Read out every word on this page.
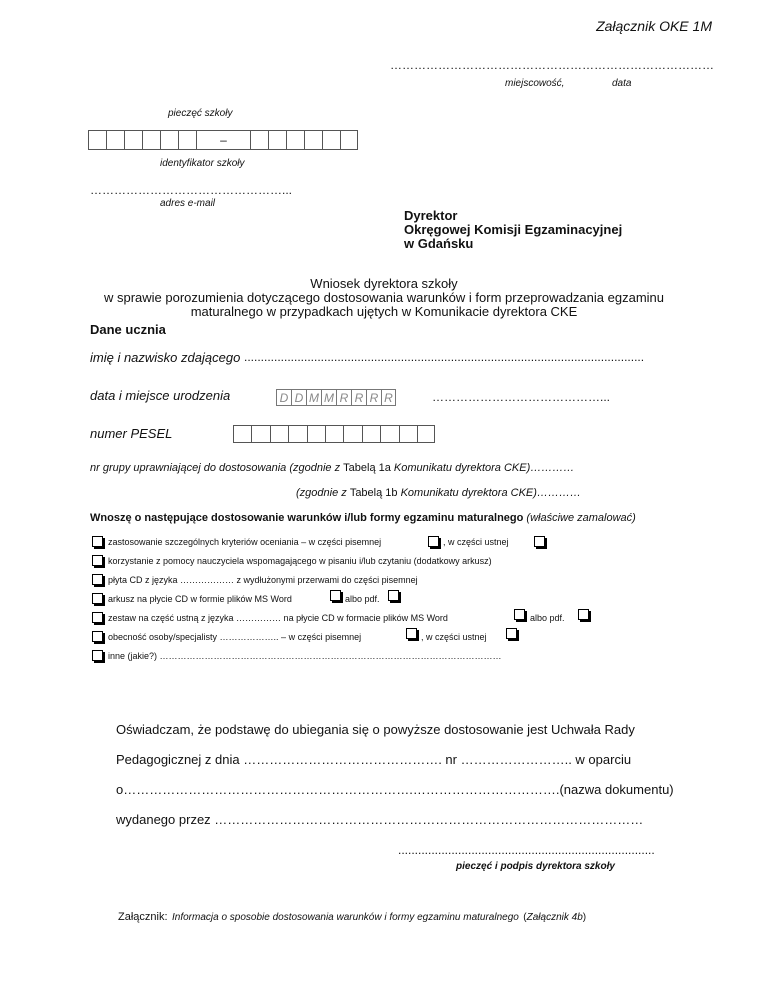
Załącznik OKE 1M
………………………………………………………………………
miejscowość,	data
pieczęć szkoły
–
identyfikator szkoły
…………………………………………...
adres e-mail
Dyrektor
Okręgowej Komisji Egzaminacyjnej
w Gdańsku
Wniosek dyrektora szkoły
w sprawie porozumienia dotyczącego dostosowania warunków i form przeprowadzania egzaminu
maturalnego w przypadkach ujętych w Komunikacie dyrektora CKE
Dane ucznia
imię i nazwisko zdającego ........................................................................................................................
data i miejsce urodzenia	D D M M R R R R	……………………………………...
numer PESEL
nr grupy uprawniającej do dostosowania (zgodnie z Tabelą 1a Komunikatu dyrektora CKE)…………
(zgodnie z Tabelą 1b Komunikatu dyrektora CKE)…………
Wnoszę o następujące dostosowanie warunków i/lub formy egzaminu maturalnego (właściwe zamalować)
zastosowanie szczególnych kryteriów oceniania – w części pisemnej	, w części ustnej
korzystanie z pomocy nauczyciela wspomagającego w pisaniu i/lub czytaniu (dodatkowy arkusz)
płyta CD z języka ……………… z wydłużonymi przerwami do części pisemnej
arkusz na płycie CD w formie plików MS Word	albo pdf.
zestaw na część ustną z języka …………… na płycie CD w formacie plików MS Word	albo pdf.
obecność osoby/specjalisty ……………….. – w części pisemnej	, w części ustnej
inne (jakie?) ……………………………………………………………………………………………………
Oświadczam, że podstawę do ubiegania się o powyższe dostosowanie jest Uchwała Rady
Pedagogicznej z dnia ………………………………………. nr …………………….. w oparciu
o………………………………………………………….…………………………….(nazwa dokumentu)
wydanego przez ………………………………………………………………………………………
.............................................................................
pieczęć i podpis dyrektora szkoły
Załącznik: Informacja o sposobie dostosowania warunków i formy egzaminu maturalnego (Załącznik 4b)
